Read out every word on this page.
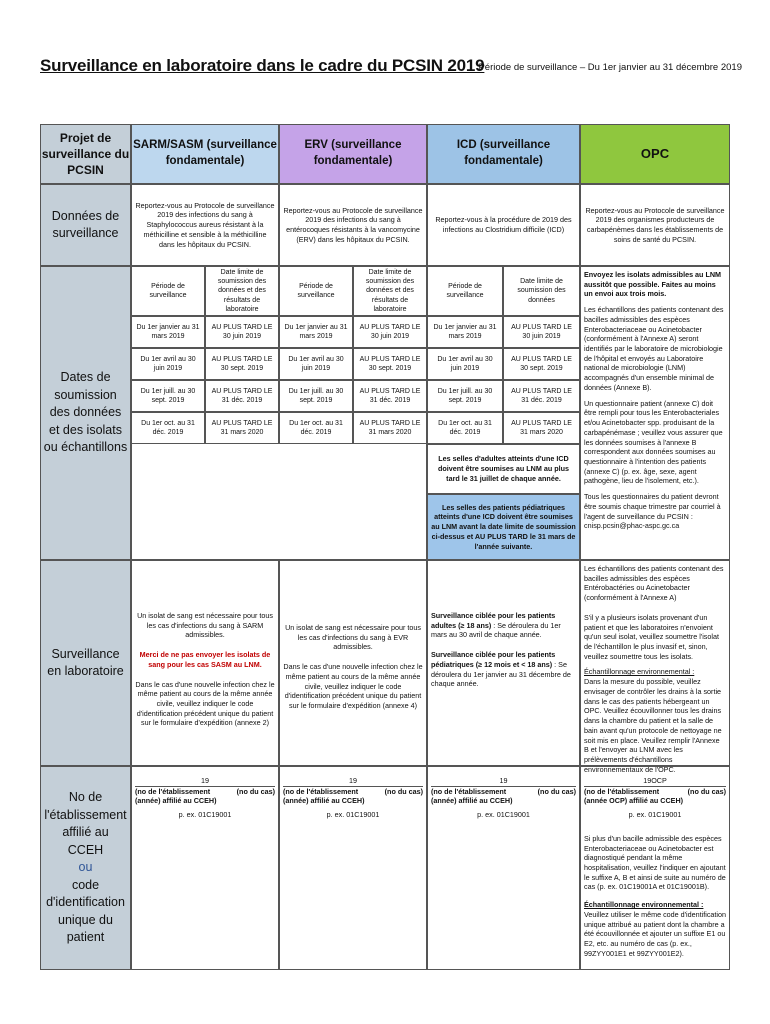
Surveillance en laboratoire dans le cadre du PCSIN 2019
Période de surveillance – Du 1er janvier au 31 décembre 2019
Projet de surveillance du PCSIN
SARM/SASM (surveillance fondamentale)
ERV (surveillance fondamentale)
ICD (surveillance fondamentale)	OPC
Données de surveillance
Reportez-vous au Protocole de surveillance 2019 des infections du sang à Staphylococcus aureus résistant à la méthicilline et sensible à la méthicilline dans les hôpitaux du PCSIN.
Reportez-vous au Protocole de surveillance 2019 des infections du sang à entérocoques résistants à la vancomycine (ERV) dans les hôpitaux du PCSIN.
Reportez-vous à la procédure de 2019 des infections au Clostridium difficile (ICD)
Reportez-vous au Protocole de surveillance 2019 des organismes producteurs de carbapénèmes dans les établissements de soins de santé du PCSIN.
Dates de soumission des données et des isolats ou échantillons
Période de surveillance
Date limite de soumission des données et des résultats de laboratoire
Du 1er janvier au 31 mars 2019
AU PLUS TARD LE 30 juin 2019
Du 1er avril au 30 juin 2019
AU PLUS TARD LE 30 sept. 2019
Du 1er juill. au 30 sept. 2019
AU PLUS TARD LE 31 déc. 2019
Du 1er oct. au 31 déc. 2019
AU PLUS TARD LE 31 mars 2020
Période de surveillance
Date limite de soumission des données et des résultats de laboratoire
Du 1er janvier au 31 mars 2019
AU PLUS TARD LE 30 juin 2019
Du 1er avril au 30 juin 2019
AU PLUS TARD LE 30 sept. 2019
Du 1er juill. au 30 sept. 2019
AU PLUS TARD LE 31 déc. 2019
Du 1er oct. au 31 déc. 2019
AU PLUS TARD LE 31 mars 2020
Période de surveillance
Date limite de soumission des données
Du 1er janvier au 31 mars 2019
AU PLUS TARD LE 30 juin 2019
Du 1er avril au 30 juin 2019
AU PLUS TARD LE 30 sept. 2019
Du 1er juill. au 30 sept. 2019
AU PLUS TARD LE 31 déc. 2019
Du 1er oct. au 31 déc. 2019
AU PLUS TARD LE 31 mars 2020
Les selles d'adultes atteints d'une ICD doivent être soumises au LNM au plus tard le 31 juillet de chaque année.
Les selles des patients pédiatriques atteints d'une ICD doivent être soumises au LNM avant la date limite de soumission ci-dessus et AU PLUS TARD le 31 mars de l'année suivante.
Envoyez les isolats admissibles au LNM aussitôt que possible. Faites au moins un envoi aux trois mois.
Les échantillons des patients contenant des bacilles admissibles des espèces Enterobacteriaceae ou Acinetobacter (conformément à l'Annexe A) seront identifiés par le laboratoire de microbiologie de l'hôpital et envoyés au Laboratoire national de microbiologie (LNM) accompagnés d'un ensemble minimal de données (Annexe B).
Un questionnaire patient (annexe C) doit être rempli pour tous les Enterobacteriales et/ou Acinetobacter spp. produisant de la carbapénémase ; veuillez vous assurer que les données soumises à l'annexe B correspondent aux données soumises au questionnaire à l'intention des patients (annexe C) (p. ex. âge, sexe, agent pathogène, lieu de l'isolement, etc.).
Tous les questionnaires du patient devront être soumis chaque trimestre par courriel à l'agent de surveillance du PCSIN : cnisp.pcsin@phac-aspc.gc.ca
Surveillance en laboratoire
Un isolat de sang est nécessaire pour tous les cas d'infections du sang à SARM admissibles.
Merci de ne pas envoyer les isolats de sang pour les cas SASM au LNM.
Dans le cas d'une nouvelle infection chez le même patient au cours de la même année civile, veuillez indiquer le code d'identification précédent unique du patient sur le formulaire d'expédition (annexe 2)
Un isolat de sang est nécessaire pour tous les cas d'infections du sang à EVR admissibles.
Dans le cas d'une nouvelle infection chez le même patient au cours de la même année civile, veuillez indiquer le code d'identification précédent unique du patient sur le formulaire d'expédition (annexe 4)
Surveillance ciblée pour les patients adultes (≥ 18 ans) : Se déroulera du 1er mars au 30 avril de chaque année.
Surveillance ciblée pour les patients pédiatriques (≥ 12 mois et < 18 ans) : Se déroulera du 1er janvier au 31 décembre de chaque année.
Les échantillons des patients contenant des bacilles admissibles des espèces Entérobactéries ou Acinetobacter (conformément à l'Annexe A)
S'il y a plusieurs isolats provenant d'un patient et que les laboratoires n'envoient qu'un seul isolat, veuillez soumettre l'isolat de l'échantillon le plus invasif et, sinon, veuillez soumettre tous les isolats.
Échantillonnage environnemental :
Dans la mesure du possible, veuillez envisager de contrôler les drains à la sortie dans le cas des patients hébergeant un OPC. Veuillez écouvillonner tous les drains dans la chambre du patient et la salle de bain avant qu'un protocole de nettoyage ne soit mis en place. Veuillez remplir l'Annexe B et l'envoyer au LNM avec les prélèvements d'échantillons environnementaux de l'OPC.
No de l'établissement affilié au CCEH
ou
code d'identification unique du patient
19
(no de l'établissement (année) affilié au CCEH)
(no du cas)
p. ex. 01C19001
19
(no de l'établissement (année) affilié au CCEH)
(no du cas)
p. ex. 01C19001
19
(no de l'établissement (année) affilié au CCEH)
(no du cas)
p. ex. 01C19001
19OCP
(no de l'établissement (année OCP) affilié au CCEH)
(no du cas)
p. ex. 01C19001
Si plus d'un bacille admissible des espèces Enterobacteriaceae ou Acinetobacter est diagnostiqué pendant la même hospitalisation, veuillez l'indiquer en ajoutant le suffixe A, B et ainsi de suite au numéro de cas (p. ex. 01C19001A et 01C19001B).
Échantillonnage environnemental :
Veuillez utiliser le même code d'identification unique attribué au patient dont la chambre a été écouvillonnée et ajouter un suffixe E1 ou E2, etc. au numéro de cas (p. ex., 99ZYY001E1 et 99ZYY001E2).
